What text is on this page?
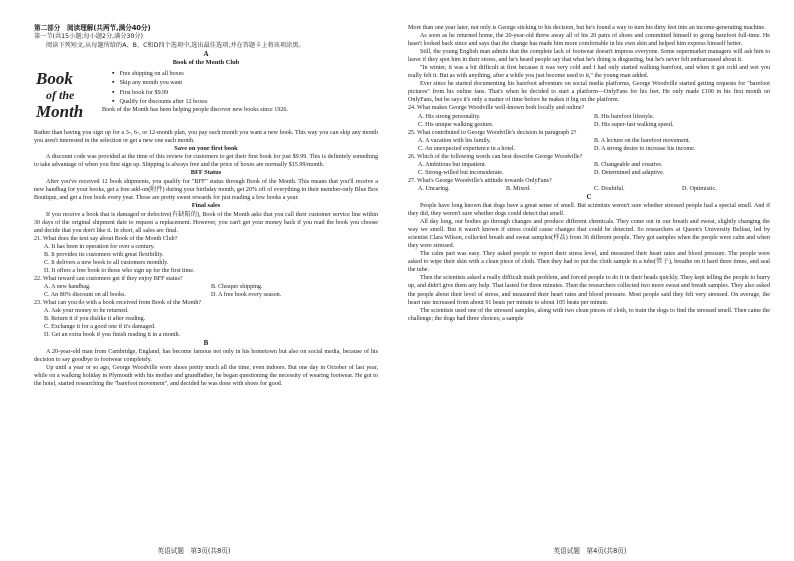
第二部分　阅读理解(共两节,满分40分)

第一节(共15小题;每小题2分,满分30分)

阅读下列短文,从每题所给的A、B、C和D四个选项中,选出最佳选项,并在答题卡上将该项涂黑。

A

Book of the Month Club

Book
of the
Month
▪ Free shipping on all boxes
▪ Skip any month you want
▪ First book for $9.99
▪ Qualify for discounts after 12 boxes

Book of the Month has been helping people discover new books since 1926.

Rather than having you sign up for a 3-, 6-, or 12-month plan, you pay each month you want a new book. This way you can skip any month you aren't interested in the selection or get a new one each month.

Save on your first book

A discount code was provided at the time of this review for customers to get their first book for just $9.99. This is definitely something to take advantage of when you first sign up. Shipping is always free and the price of boxes are normally $15.99/month.

BFF Status

After you've received 12 book shipments, you qualify for "BFF" status through Book of the Month. This means that you'll receive a new handbag for your books, get a free add-on(附件) during your birthday month, get 20% off of everything in their member-only Blue Box Boutique, and get a free book every year. Those are pretty sweet rewards for just reading a few books a year.

Final sales

If you receive a book that is damaged or defective(有缺陷的), Book of the Month asks that you call their customer service line within 30 days of the original shipment date to request a replacement. However, you can't get your money back if you read the book you choose and decide that you don't like it. In short, all sales are final.

21. What does the text say about Book of the Month Club?

A. It has been in operation for over a century.

B. It provides its customers with great flexibility.

C. It delivers a new book to all customers monthly.

D. It offers a free book to those who sign up for the first time.

22. What reward can customers get if they enjoy BFF status?

A. A new handbag.	B. Cheaper shipping.
C. An 80% discount on all books.	D. A free book every season.

23. What can you do with a book received from Book of the Month?

A. Ask your money to be returned.

B. Return it if you dislike it after reading.

C. Exchange it for a good one if it's damaged.

D. Get an extra book if you finish reading it in a month.

B

A 20-year-old man from Cambridge, England, has become famous not only in his hometown but also on social media, because of his decision to say goodbye to footwear completely.

Up until a year or so ago, George Woodville wore shoes pretty much all the time, even indoors. But one day in October of last year, while on a walking holiday in Plymouth with his mother and grandfather, he began questioning the necessity of wearing footwear. He got to the hotel, started researching the "barefoot movement", and decided he was done with shoes for good.

英语试题　第3页(共8页)

More than one year later, not only is George sticking to his decision, but he's found a way to turn his dirty feet into an income-generating machine.

As soon as he returned home, the 20-year-old threw away all of his 20 pairs of shoes and committed himself to going barefoot full-time. He hasn't looked back since and says that the change has made him more comfortable in his own skin and helped him express himself better.

Still, the young English man admits that the complete lack of footwear doesn't impress everyone. Some supermarket managers will ask him to leave if they spot him in their stores, and he's heard people say that what he's doing is disgusting, but he's never felt embarrassed about it.

"In winter, it was a bit difficult at first because it was very cold and I had only started walking barefoot, and when it got cold and wet you really felt it. But as with anything, after a while you just become used to it," the young man added.

Ever since he started documenting his barefoot adventure on social media platforms, George Woodville started getting requests for "barefoot pictures" from his online fans. That's when he decided to start a platform—OnlyFans for his feet. He only made £100 in his first month on OnlyFans, but he says it's only a matter of time before he makes it big on the platform.

24. What makes George Woodville well-known both locally and online?

A. His strong personality.	B. His barefoot lifestyle.
C. His unique walking gesture.	D. His super-fast walking speed.

25. What contributed to George Woodville's decision in paragraph 2?

A. A vacation with his family.	B. A lecture on the barefoot movement.
C. An unexpected experience in a hotel.	D. A strong desire to increase his income.

26. Which of the following words can best describe George Woodville?

A. Ambitious but impatient.	B. Changeable and creative.
C. Strong-willed but inconsiderate.	D. Determined and adaptive.

27. What's George Woodville's attitude towards OnlyFans?

A. Uncaring.	B. Mixed.	C. Doubtful.	D. Optimistic.

C

People have long known that dogs have a great sense of smell. But scientists weren't sure whether stressed people had a special smell. And if they did, they weren't sure whether dogs could detect that smell.

All day long, our bodies go through changes and produce different chemicals. They come out in our breath and sweat, slightly changing the way we smell. But it wasn't known if stress could cause changes that could be detected. So researchers at Queen's University Belfast, led by scientist Clara Wilson, collected breath and sweat samples(样品) from 36 different people. They got samples when the people were calm and when they were stressed.

The calm part was easy. They asked people to report their stress level, and measured their heart rates and blood pressure. The people were asked to wipe their skin with a clean piece of cloth. Then they had to put the cloth sample in a tube(管子), breathe on it hard three times, and seal the tube.

Then the scientists asked a really difficult math problem, and forced people to do it in their heads quickly. They kept telling the people to hurry up, and didn't give them any help. That lasted for three minutes. Then the researchers collected two more sweat and breath samples. They also asked the people about their level of stress, and measured their heart rates and blood pressure. Most people said they felt very stressed. On average, the heart rate increased from about 91 beats per minute to about 105 beats per minute.

The scientists used one of the stressed samples, along with two clean pieces of cloth, to train the dogs to find the stressed smell. Then came the challenge; the dogs had three choices; a sample

英语试题　第4页(共8页)
